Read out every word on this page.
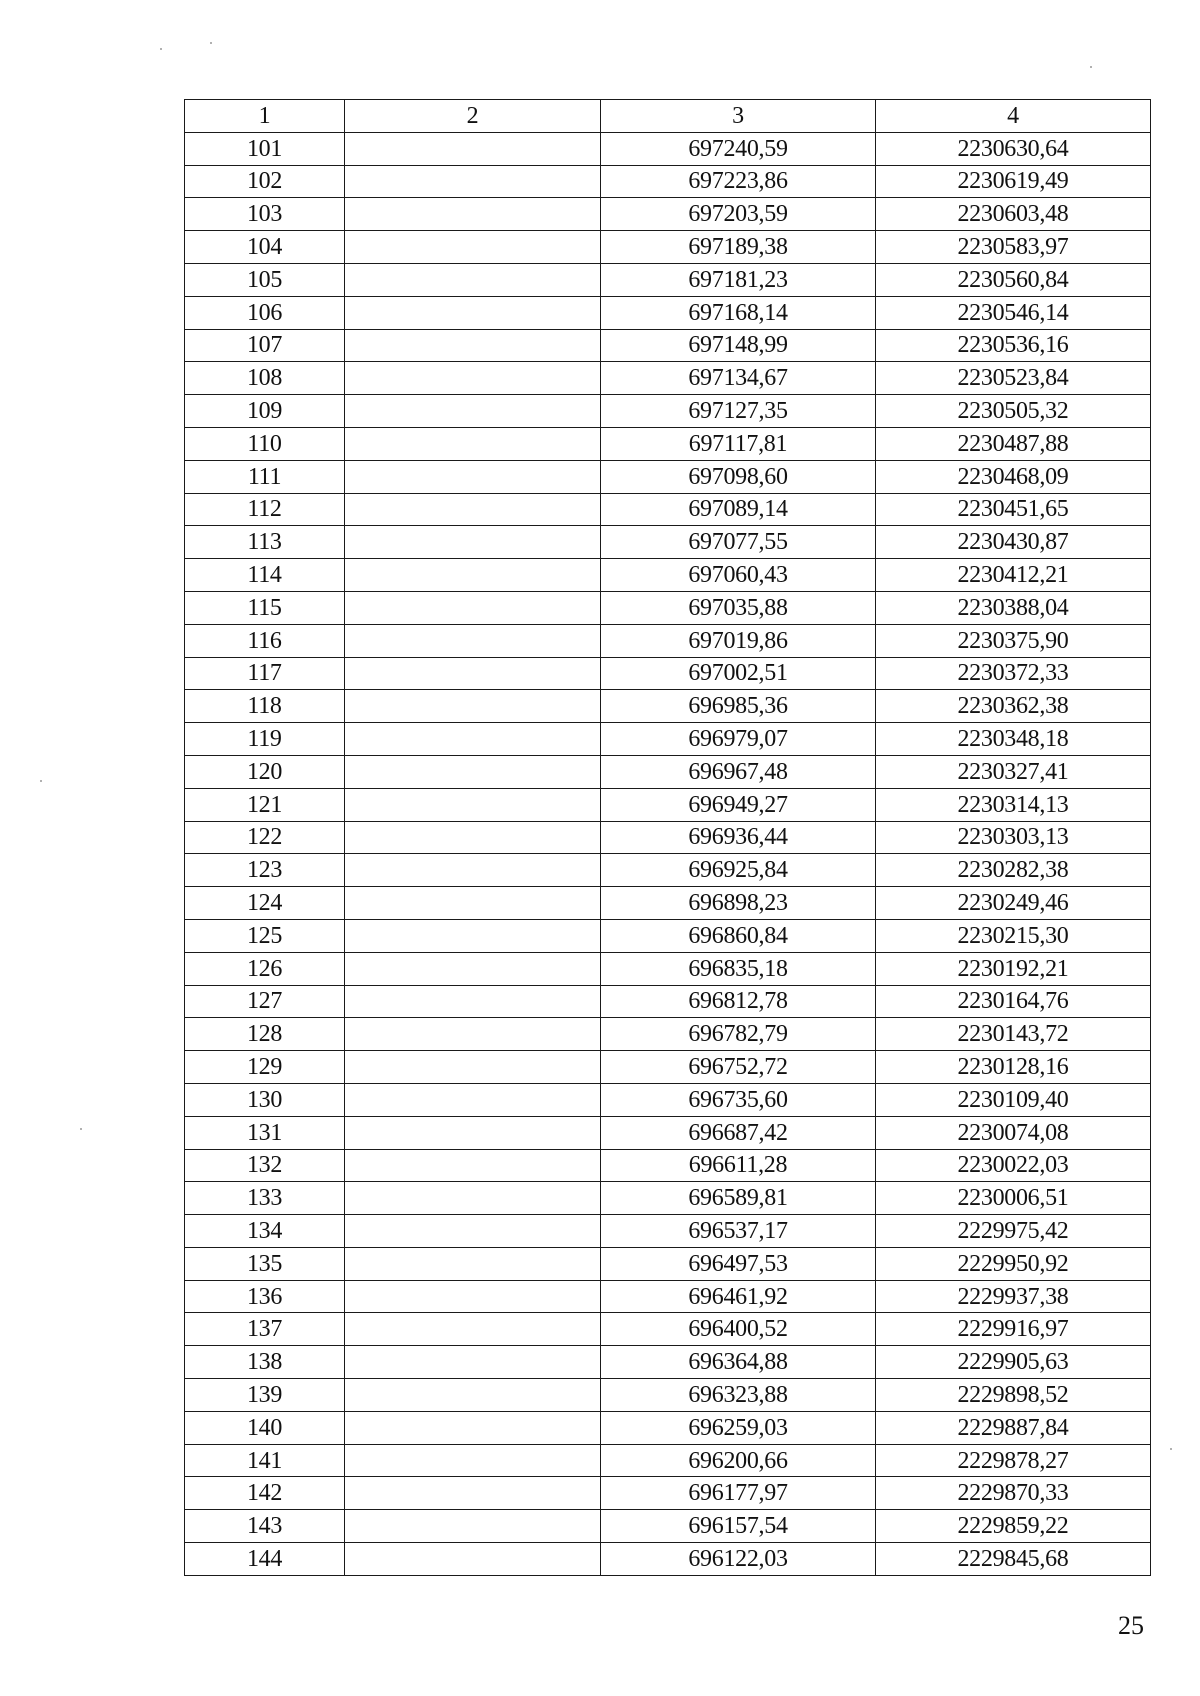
1	2	3	4
101		697240,59	2230630,64
102		697223,86	2230619,49
103		697203,59	2230603,48
104		697189,38	2230583,97
105		697181,23	2230560,84
106		697168,14	2230546,14
107		697148,99	2230536,16
108		697134,67	2230523,84
109		697127,35	2230505,32
110		697117,81	2230487,88
111		697098,60	2230468,09
112		697089,14	2230451,65
113		697077,55	2230430,87
114		697060,43	2230412,21
115		697035,88	2230388,04
116		697019,86	2230375,90
117		697002,51	2230372,33
118		696985,36	2230362,38
119		696979,07	2230348,18
120		696967,48	2230327,41
121		696949,27	2230314,13
122		696936,44	2230303,13
123		696925,84	2230282,38
124		696898,23	2230249,46
125		696860,84	2230215,30
126		696835,18	2230192,21
127		696812,78	2230164,76
128		696782,79	2230143,72
129		696752,72	2230128,16
130		696735,60	2230109,40
131		696687,42	2230074,08
132		696611,28	2230022,03
133		696589,81	2230006,51
134		696537,17	2229975,42
135		696497,53	2229950,92
136		696461,92	2229937,38
137		696400,52	2229916,97
138		696364,88	2229905,63
139		696323,88	2229898,52
140		696259,03	2229887,84
141		696200,66	2229878,27
142		696177,97	2229870,33
143		696157,54	2229859,22
144		696122,03	2229845,68
25
